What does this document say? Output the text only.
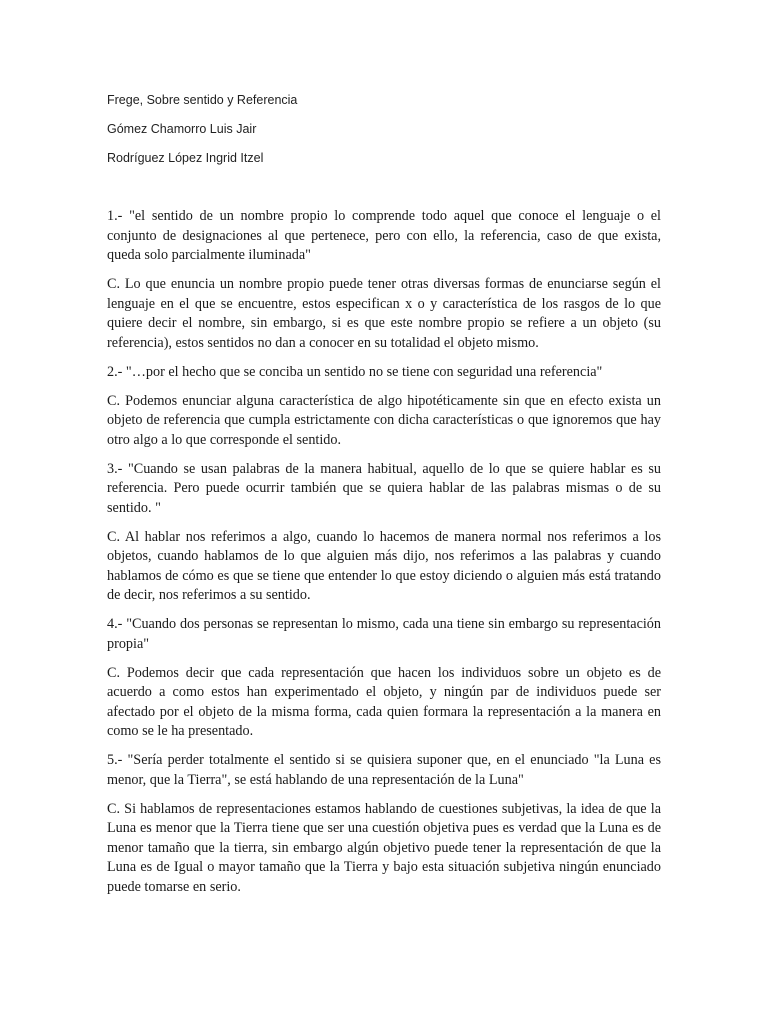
Frege, Sobre sentido y Referencia
Gómez Chamorro Luis Jair
Rodríguez López Ingrid Itzel

1.- "el sentido de un nombre propio lo comprende todo aquel que conoce el lenguaje o el conjunto de designaciones al que pertenece, pero con ello, la referencia, caso de que exista, queda solo parcialmente iluminada"

C. Lo que enuncia un nombre propio puede tener otras diversas formas de enunciarse según el lenguaje en el que se encuentre, estos especifican x o y característica de los rasgos de lo que quiere decir el nombre, sin embargo, si es que este nombre propio se refiere a un objeto (su referencia), estos sentidos no dan a conocer en su totalidad el objeto mismo.

2.- "…por el hecho que se conciba un sentido no se tiene con seguridad una referencia"

C. Podemos enunciar alguna característica de algo hipotéticamente sin que en efecto exista un objeto de referencia que cumpla estrictamente con dicha características o que ignoremos que hay otro algo a lo que corresponde el sentido.

3.- "Cuando se usan palabras de la manera habitual, aquello de lo que se quiere hablar es su referencia. Pero puede ocurrir también que se quiera hablar de las palabras mismas o de su sentido. "

C. Al hablar nos referimos a algo, cuando lo hacemos de manera normal nos referimos a los objetos, cuando hablamos de lo que alguien más dijo, nos referimos a las palabras y cuando hablamos de cómo es que se tiene que entender lo que estoy diciendo o alguien más está tratando de decir, nos referimos a su sentido.

4.- "Cuando dos personas se representan lo mismo, cada una tiene sin embargo su representación propia"

C. Podemos decir que cada representación que hacen los individuos sobre un objeto es de acuerdo a como estos han experimentado el objeto, y ningún par de individuos puede ser afectado por el objeto de la misma forma, cada quien formara la representación a la manera en como se le ha presentado.

5.- "Sería perder totalmente el sentido si se quisiera suponer que, en el enunciado "la Luna es menor, que la Tierra", se está hablando de una representación de la Luna"

C. Si hablamos de representaciones estamos hablando de cuestiones subjetivas, la idea de que la Luna es menor que la Tierra tiene que ser una cuestión objetiva pues es verdad que la Luna es de menor tamaño que la tierra, sin embargo algún objetivo puede tener la representación de que la Luna es de Igual o mayor tamaño que la Tierra y bajo esta situación subjetiva ningún enunciado puede tomarse en serio.
